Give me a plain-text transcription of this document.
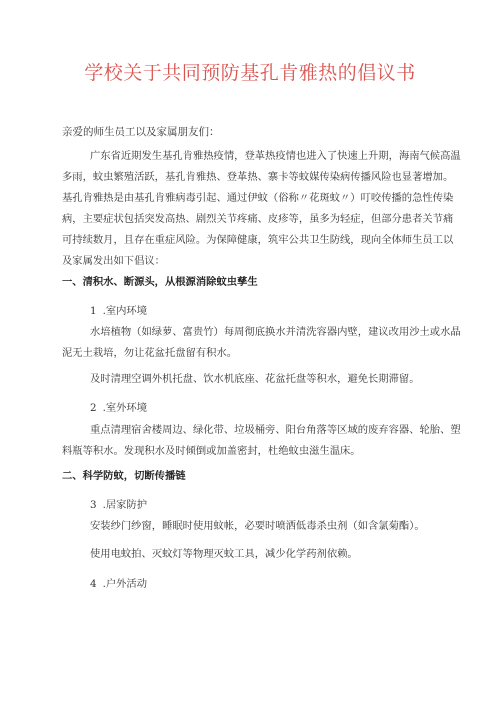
学校关于共同预防基孔肯雅热的倡议书
亲爱的师生员工以及家属朋友们：
广东省近期发生基孔肯雅热疫情，登革热疫情也进入了快速上升期，海南气候高温
多雨，蚊虫繁殖活跃，基孔肯雅热、登革热、寨卡等蚊媒传染病传播风险也显著增加。
基孔肯雅热是由基孔肯雅病毒引起、通过伊蚊（俗称〃花斑蚊〃）叮咬传播的急性传染
病，主要症状包括突发高热、剧烈关节疼痛、皮疹等，虽多为轻症，但部分患者关节痛
可持续数月，且存在重症风险。为保障健康，筑牢公共卫生防线，现向全体师生员工以
及家属发出如下倡议：
一、清积水、断源头，从根源消除蚊虫孳生
1 .室内环境
水培植物（如绿萝、富贵竹）每周彻底换水并清洗容器内壁，建议改用沙土或水晶
泥无土栽培，勿让花盆托盘留有积水。
及时清理空调外机托盘、饮水机底座、花盆托盘等积水，避免长期滞留。
2 .室外环境
重点清理宿舍楼周边、绿化带、垃圾桶旁、阳台角落等区域的废弃容器、轮胎、塑
料瓶等积水。发现积水及时倾倒或加盖密封，杜绝蚊虫滋生温床。
二、科学防蚊，切断传播链
3 .居家防护
安装纱门纱窗，睡眠时使用蚊帐，必要时喷洒低毒杀虫剂（如含氯菊酯）。
使用电蚊拍、灭蚊灯等物理灭蚊工具，减少化学药剂依赖。
4 .户外活动
